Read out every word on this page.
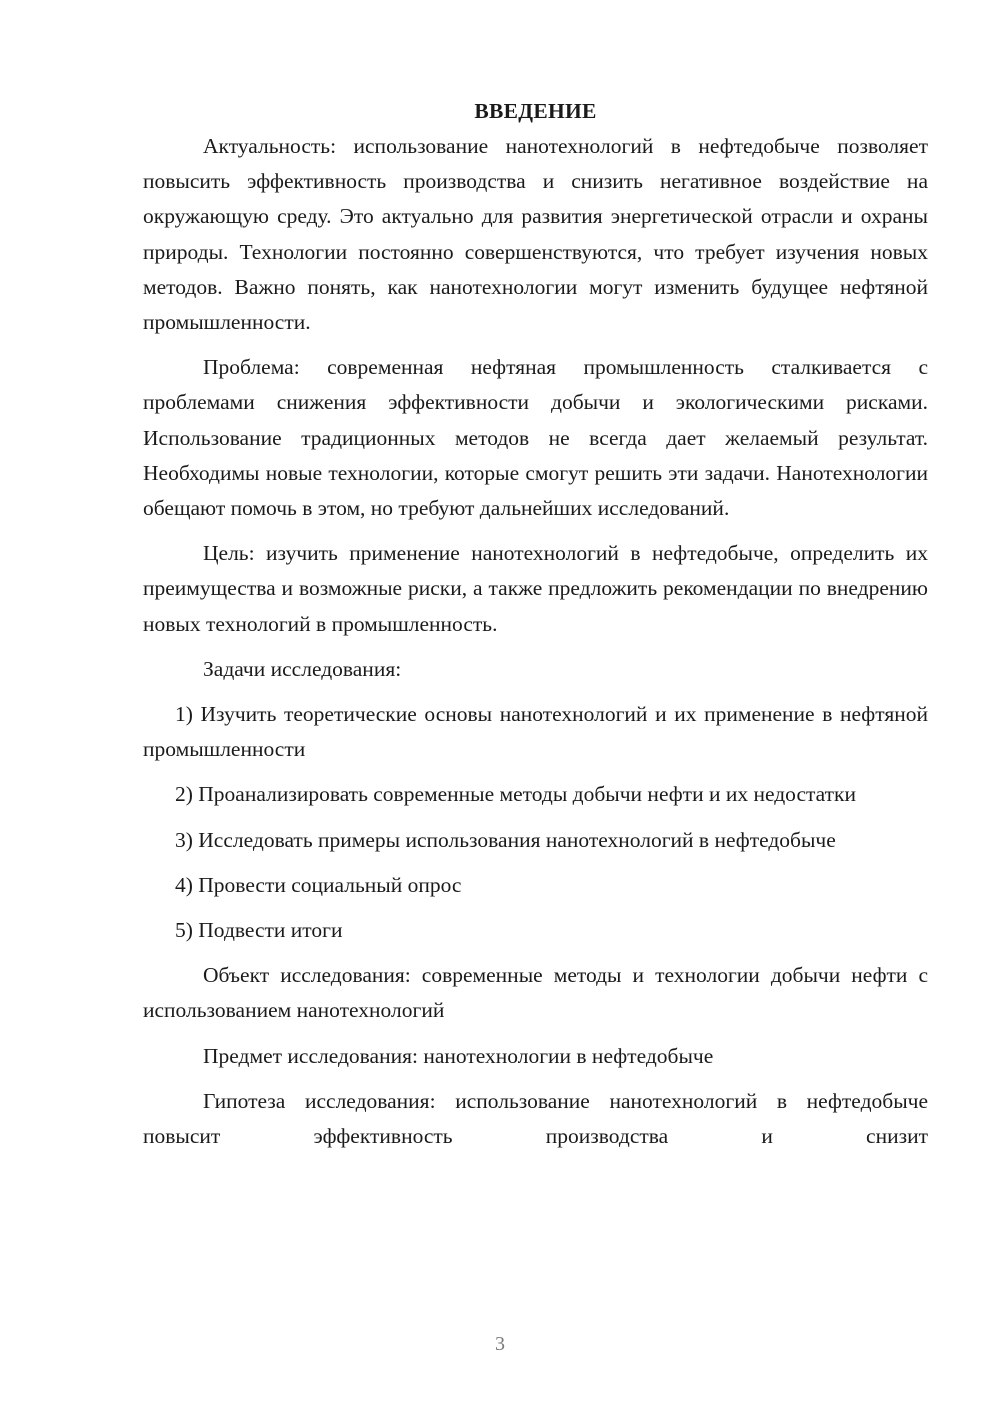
ВВЕДЕНИЕ

Актуальность: использование нанотехнологий в нефтедобыче позволяет повысить эффективность производства и снизить негативное воздействие на окружающую среду. Это актуально для развития энергетической отрасли и охраны природы. Технологии постоянно совершенствуются, что требует изучения новых методов. Важно понять, как нанотехнологии могут изменить будущее нефтяной промышленности.

Проблема: современная нефтяная промышленность сталкивается с проблемами снижения эффективности добычи и экологическими рисками. Использование традиционных методов не всегда дает желаемый результат. Необходимы новые технологии, которые смогут решить эти задачи. Нанотехнологии обещают помочь в этом, но требуют дальнейших исследований.

Цель: изучить применение нанотехнологий в нефтедобыче, определить их преимущества и возможные риски, а также предложить рекомендации по внедрению новых технологий в промышленность.

Задачи исследования:

1) Изучить теоретические основы нанотехнологий и их применение в нефтяной промышленности

2) Проанализировать современные методы добычи нефти и их недостатки

3) Исследовать примеры использования нанотехнологий в нефтедобыче

4) Провести социальный опрос

5) Подвести итоги

Объект исследования: современные методы и технологии добычи нефти с использованием нанотехнологий

Предмет исследования: нанотехнологии в нефтедобыче

Гипотеза исследования: использование нанотехнологий в нефтедобыче повысит эффективность производства и снизит

3
